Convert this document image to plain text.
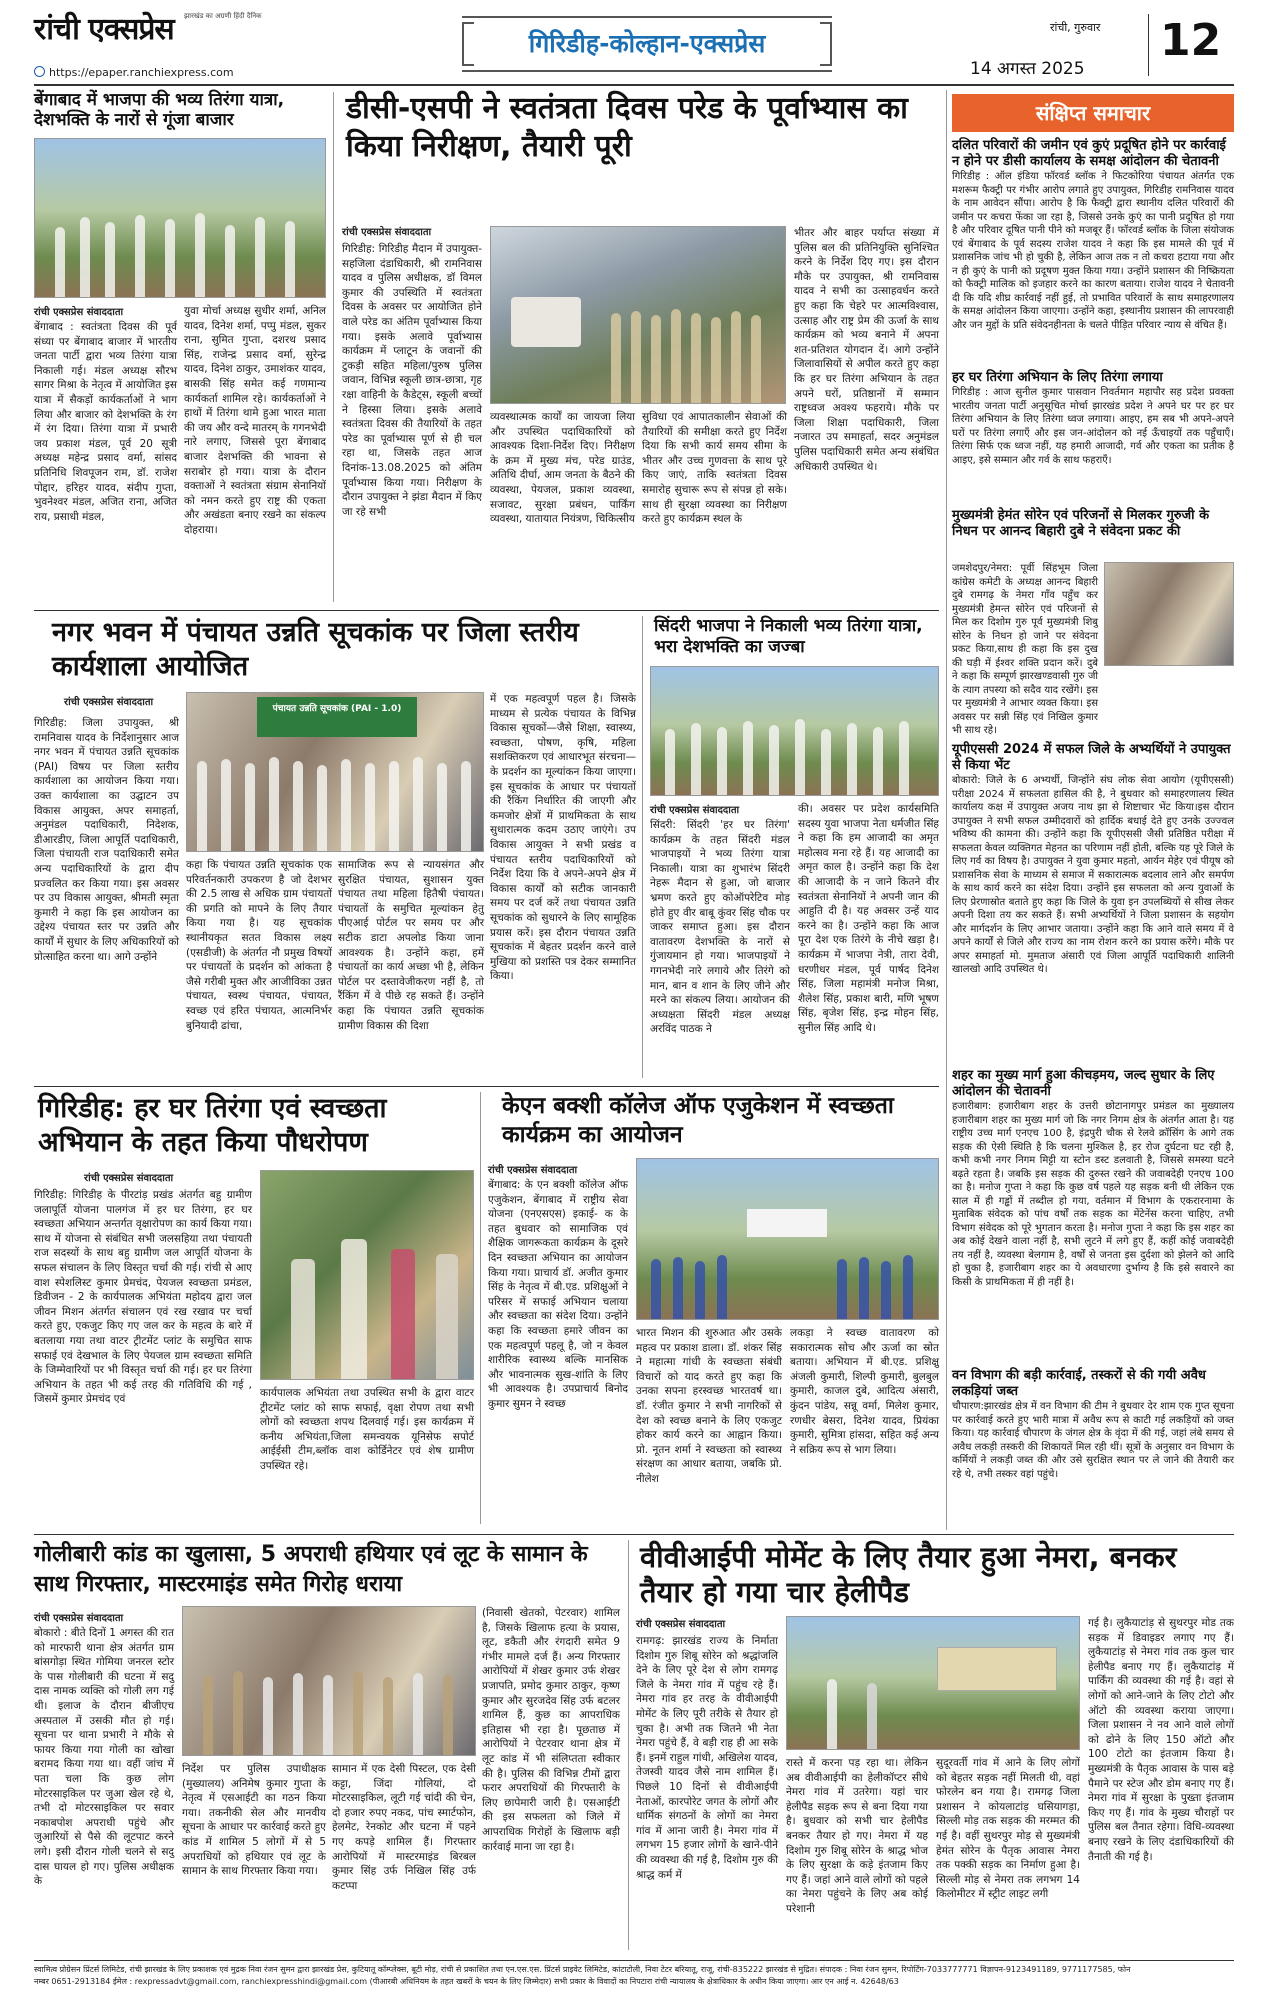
रांची एक्सप्रेस	झारखंड का अग्रणी हिंदी दैनिक
https://epaper.ranchiexpress.com
गिरिडीह-कोल्हान-एक्सप्रेस
रांची, गुरुवार
14 अगस्त 2025
12
बेंगाबाद में भाजपा की भव्य तिरंगा यात्रा, देशभक्ति के नारों से गूंजा बाजार
रांची एक्सप्रेस संवाददाता
बेंगाबाद : स्वतंत्रता दिवस की पूर्व संध्या पर बेंगाबाद बाजार में भारतीय जनता पार्टी द्वारा भव्य तिरंगा यात्रा निकाली गई। मंडल अध्यक्ष सौरभ सागर मिश्रा के नेतृत्व में आयोजित इस यात्रा में सैकड़ों कार्यकर्ताओं ने भाग लिया और बाजार को देशभक्ति के रंग में रंग दिया। तिरंगा यात्रा में प्रभारी जय प्रकाश मंडल, पूर्व 20 सूत्री अध्यक्ष महेन्द्र प्रसाद वर्मा, सांसद प्रतिनिधि शिवपूजन राम, डॉ. राजेश पोद्दार, हरिहर यादव, संदीप गुप्ता, भुवनेश्वर मंडल, अजित राना, अजित राय, प्रसाधी मंडल,
युवा मोर्चा अध्यक्ष सुधीर शर्मा, अनिल यादव, दिनेश शर्मा, पप्पु मंडल, सुकर राना, सुमित गुप्ता, दशरथ प्रसाद सिंह, राजेन्द्र प्रसाद वर्मा, सुरेन्द्र यादव, दिनेश ठाकुर, उमाशंकर यादव, बासकी सिंह समेत कई गणमान्य कार्यकर्ता शामिल रहे। कार्यकर्ताओं ने हाथों में तिरंगा थामे हुआ भारत माता की जय और वन्दे मातरम् के गगनभेदी नारे लगाए, जिससे पूरा बेंगाबाद बाजार देशभक्ति की भावना से सराबोर हो गया। यात्रा के दौरान वक्ताओं ने स्वतंत्रता संग्राम सेनानियों को नमन करते हुए राष्ट्र की एकता और अखंडता बनाए रखने का संकल्प दोहराया।
डीसी-एसपी ने स्वतंत्रता दिवस परेड के पूर्वाभ्यास का किया निरीक्षण, तैयारी पूरी
रांची एक्सप्रेस संवाददाता
गिरिडीह: गिरिडीह मैदान में उपायुक्त-सहजिला दंडाधिकारी, श्री रामनिवास यादव व पुलिस अधीक्षक, डॉ विमल कुमार की उपस्थिति में स्वतंत्रता दिवस के अवसर पर आयोजित होने वाले परेड का अंतिम पूर्वाभ्यास किया गया। इसके अलावे पूर्वाभ्यास कार्यक्रम में प्लाटून के जवानों की टुकड़ी सहित महिला/पुरुष पुलिस जवान, विभिन्न स्कूली छात्र-छात्रा, गृह रक्षा वाहिनी के कैडेट्स, स्कूली बच्चों ने हिस्सा लिया। इसके अलावे स्वतंत्रता दिवस की तैयारियों के तहत परेड का पूर्वाभ्यास पूर्ण से ही चल रहा था, जिसके तहत आज दिनांक-13.08.2025 को अंतिम पूर्वाभ्यास किया गया। निरीक्षण के दौरान उपायुक्त ने झंडा मैदान में किए जा रहे सभी
व्यवस्थात्मक कार्यों का जायजा लिया और उपस्थित पदाधिकारियों को आवश्यक दिशा-निर्देश दिए। निरीक्षण के क्रम में मुख्य मंच, परेड ग्राउंड, अतिथि दीर्घा, आम जनता के बैठने की व्यवस्था, पेयजल, प्रकाश व्यवस्था, सजावट, सुरक्षा प्रबंधन, पार्किंग व्यवस्था, यातायात नियंत्रण, चिकित्सीय
सुविधा एवं आपातकालीन सेवाओं की तैयारियों की समीक्षा करते हुए निर्देश दिया कि सभी कार्य समय सीमा के भीतर और उच्च गुणवत्ता के साथ पूरे किए जाएं, ताकि स्वतंत्रता दिवस समारोह सुचारू रूप से संपन्न हो सके। साथ ही सुरक्षा व्यवस्था का निरीक्षण करते हुए कार्यक्रम स्थल के
भीतर और बाहर पर्याप्त संख्या में पुलिस बल की प्रतिनियुक्ति सुनिश्चित करने के निर्देश दिए गए। इस दौरान मौके पर उपायुक्त, श्री रामनिवास यादव ने सभी का उत्साहवर्धन करते हुए कहा कि चेहरे पर आत्मविश्वास, उत्साह और राष्ट्र प्रेम की ऊर्जा के साथ कार्यक्रम को भव्य बनाने में अपना शत-प्रतिशत योगदान दें। आगे उन्होंने जिलावासियों से अपील करते हुए कहा कि हर घर तिरंगा अभियान के तहत अपने घरों, प्रतिष्ठानों में सम्मान राष्ट्रध्वज अवश्य फहराये। मौके पर जिला शिक्षा पदाधिकारी, जिला नजारत उप समाहर्ता, सदर अनुमंडल पुलिस पदाधिकारी समेत अन्य संबंधित अधिकारी उपस्थित थे।
नगर भवन में पंचायत उन्नति सूचकांक पर जिला स्तरीय कार्यशाला आयोजित
रांची एक्सप्रेस संवाददाता
गिरिडीह: जिला उपायुक्त, श्री रामनिवास यादव के निर्देशानुसार आज नगर भवन में पंचायत उन्नति सूचकांक (PAI) विषय पर जिला स्तरीय कार्यशाला का आयोजन किया गया। उक्त कार्यशाला का उद्घाटन उप विकास आयुक्त, अपर समाहर्ता, अनुमंडल पदाधिकारी, निदेशक, डीआरडीए, जिला आपूर्ति पदाधिकारी, जिला पंचायती राज पदाधिकारी समेत अन्य पदाधिकारियों के द्वारा दीप प्रज्वलित कर किया गया। इस अवसर पर उप विकास आयुक्त, श्रीमती स्मृता कुमारी ने कहा कि इस आयोजन का उद्देश्य पंचायत स्तर पर उन्नति और कार्यों में सुधार के लिए अधिकारियों को प्रोत्साहित करना था। आगे उन्होंने
पंचायत उन्नति सूचकांक (PAI - 1.0)
कहा कि पंचायत उन्नति सूचकांक एक परिवर्तनकारी उपकरण है जो देशभर की 2.5 लाख से अधिक ग्राम पंचायतों की प्रगति को मापने के लिए तैयार किया गया है। यह सूचकांक स्थानीयकृत सतत विकास लक्ष्य (एसडीजी) के अंतर्गत नौ प्रमुख विषयों पर पंचायतों के प्रदर्शन को आंकता है जैसे गरीबी मुक्त और आजीविका उन्नत पंचायत, स्वस्थ पंचायत, पंचायत, स्वच्छ एवं हरित पंचायत, आत्मनिर्भर बुनियादी ढांचा,
सामाजिक रूप से न्यायसंगत और सुरक्षित पंचायत, सुशासन युक्त पंचायत तथा महिला हितैषी पंचायत। पंचायतों के समुचित मूल्यांकन हेतु पीएआई पोर्टल पर समय पर और सटीक डाटा अपलोड किया जाना आवश्यक है। उन्होंने कहा, हमें पंचायतों का कार्य अच्छा भी है, लेकिन पोर्टल पर दस्तावेजीकरण नहीं है, तो रैंकिंग में वे पीछे रह सकते हैं। उन्होंने कहा कि पंचायत उन्नति सूचकांक ग्रामीण विकास की दिशा
में एक महत्वपूर्ण पहल है। जिसके माध्यम से प्रत्येक पंचायत के विभिन्न विकास सूचकों—जैसे शिक्षा, स्वास्थ्य, स्वच्छता, पोषण, कृषि, महिला सशक्तिकरण एवं आधारभूत संरचना—के प्रदर्शन का मूल्यांकन किया जाएगा। इस सूचकांक के आधार पर पंचायतों की रैंकिंग निर्धारित की जाएगी और कमजोर क्षेत्रों में प्राथमिकता के साथ सुधारात्मक कदम उठाए जाएंगे। उप विकास आयुक्त ने सभी प्रखंड व पंचायत स्तरीय पदाधिकारियों को निर्देश दिया कि वे अपने-अपने क्षेत्र में विकास कार्यों को सटीक जानकारी समय पर दर्ज करें तथा पंचायत उन्नति सूचकांक को सुधारने के लिए सामूहिक प्रयास करें। इस दौरान पंचायत उन्नति सूचकांक में बेहतर प्रदर्शन करने वाले मुखिया को प्रशस्ति पत्र देकर सम्मानित किया।
सिंदरी भाजपा ने निकाली भव्य तिरंगा यात्रा, भरा देशभक्ति का जज्बा
रांची एक्सप्रेस संवाददाता
सिंदरी: सिंदरी 'हर घर तिरंगा' कार्यक्रम के तहत सिंदरी मंडल भाजपाइयों ने भव्य तिरंगा यात्रा निकाली। यात्रा का शुभारंभ सिंदरी नेहरू मैदान से हुआ, जो बाजार भ्रमण करते हुए कोऑपरेटिव मोड़ होते हुए वीर बाबू कुंवर सिंह चौक पर जाकर समाप्त हुआ। इस दौरान वातावरण देशभक्ति के नारों से गुंजायमान हो गया। भाजपाइयों ने गगनभेदी नारे लगाये और तिरंगे को मान, बान व शान के लिए जीने और मरने का संकल्प लिया। आयोजन की अध्यक्षता सिंदरी मंडल अध्यक्ष अरविंद पाठक ने
की। अवसर पर प्रदेश कार्यसमिति सदस्य युवा भाजपा नेता धर्मजीत सिंह ने कहा कि हम आजादी का अमृत महोत्सव मना रहे हैं। यह आजादी का अमृत काल है। उन्होंने कहा कि देश की आजादी के न जाने कितने वीर स्वतंत्रता सेनानियों ने अपनी जान की आहुति दी है। यह अवसर उन्हें याद करने का है। उन्होंने कहा कि आज पूरा देश एक तिरंगे के नीचे खड़ा है। कार्यक्रम में भाजपा नेत्री, तारा देवी, धरणीधर मंडल, पूर्व पार्षद दिनेश सिंह, जिला महामंत्री मनोज मिश्रा, शैलेश सिंह, प्रकाश बारी, मणि भूषण सिंह, बृजेश सिंह, इन्द्र मोहन सिंह, सुनील सिंह आदि थे।
गिरिडीह: हर घर तिरंगा एवं स्वच्छता अभियान के तहत किया पौधरोपण
रांची एक्सप्रेस संवाददाता
गिरिडीह: गिरिडीह के पीरटांड़ प्रखंड अंतर्गत बहु ग्रामीण जलापूर्ति योजना पालगंज में हर घर तिरंगा, हर घर स्वच्छता अभियान अन्तर्गत वृक्षारोपण का कार्य किया गया। साथ में योजना से संबंधित सभी जलसहिया तथा पंचायती राज सदस्यों के साथ बहु ग्रामीण जल आपूर्ति योजना के सफल संचालन के लिए विस्तृत चर्चा की गई। रांची से आए वाश स्पेशलिस्ट कुमार प्रेमचंद, पेयजल स्वच्छता प्रमंडल, डिवीजन - 2 के कार्यपालक अभियंता महोदय द्वारा जल जीवन मिशन अंतर्गत संचालन एवं रख रखाव पर चर्चा करते हुए, एकजुट किए गए जल कर के महत्व के बारे में बतलाया गया तथा वाटर ट्रीटमेंट प्लांट के समुचित साफ सफाई एवं देखभाल के लिए पेयजल ग्राम स्वच्छता समिति के जिम्मेवारियों पर भी विस्तृत चर्चा की गई। हर घर तिरंगा अभियान के तहत भी कई तरह की गतिविधि की गई , जिसमें कुमार प्रेमचंद एवं
कार्यपालक अभियंता तथा उपस्थित सभी के द्वारा वाटर ट्रीटमेंट प्लांट को साफ सफाई, वृक्षा रोपण तथा सभी लोगों को स्वच्छता शपथ दिलवाई गई। इस कार्यक्रम में कनीय अभियंता,जिला समन्वयक यूनिसेफ सपोर्ट आईईसी टीम,ब्लॉक वाश कोर्डिनेटर एवं शेष ग्रामीण उपस्थित रहे।
केएन बक्शी कॉलेज ऑफ एजुकेशन में स्वच्छता कार्यक्रम का आयोजन
रांची एक्सप्रेस संवाददाता
बेंगाबाद: के एन बक्शी कॉलेज ऑफ एजुकेशन, बेंगाबाद में राष्ट्रीय सेवा योजना (एनएसएस) इकाई- क के तहत बुधवार को सामाजिक एवं शैक्षिक जागरूकता कार्यक्रम के दूसरे दिन स्वच्छता अभियान का आयोजन किया गया। प्राचार्य डॉ. अजीत कुमार सिंह के नेतृत्व में बी.एड. प्रशिक्षुओं ने परिसर में सफाई अभियान चलाया और स्वच्छता का संदेश दिया। उन्होंने कहा कि स्वच्छता हमारे जीवन का एक महत्वपूर्ण पहलू है, जो न केवल शारीरिक स्वास्थ्य बल्कि मानसिक और भावनात्मक सुख-शांति के लिए भी आवश्यक है। उपप्राचार्य बिनोद कुमार सुमन ने स्वच्छ
भारत मिशन की शुरुआत और उसके महत्व पर प्रकाश डाला। डॉ. शंकर सिंह ने महात्मा गांधी के स्वच्छता संबंधी विचारों को याद करते हुए कहा कि उनका सपना हरस्वच्छ भारतवर्ष था। डॉ. रंजीत कुमार ने सभी नागरिकों से देश को स्वच्छ बनाने के लिए एकजुट होकर कार्य करने का आह्वान किया। प्रो. नूतन शर्मा ने स्वच्छता को स्वास्थ्य संरक्षण का आधार बताया, जबकि प्रो. नीलेश
लकड़ा ने स्वच्छ वातावरण को सकारात्मक सोच और ऊर्जा का स्रोत बताया। अभियान में बी.एड. प्रशिक्षु अंजली कुमारी, शिल्पी कुमारी, बुलबुल कुमारी, काजल दुबे, आदित्य अंसारी, कुंदन पांडेय, सन्नू वर्मा, मिलेश कुमार, रणधीर बेसरा, दिनेश यादव, प्रियंका कुमारी, सुमित्रा हांसदा, सहित कई अन्य ने सक्रिय रूप से भाग लिया।
गोलीबारी कांड का खुलासा, 5 अपराधी हथियार एवं लूट के सामान के साथ गिरफ्तार, मास्टरमाइंड समेत गिरोह धराया
रांची एक्सप्रेस संवाददाता
बोकारो : बीते दिनों 1 अगस्त की रात को मारफारी थाना क्षेत्र अंतर्गत ग्राम बांसगोड़ा स्थित गोमिया जनरल स्टोर के पास गोलीबारी की घटना में सदु दास नामक व्यक्ति को गोली लग गई थी। इलाज के दौरान बीजीएच अस्पताल में उसकी मौत हो गई। सूचना पर थाना प्रभारी ने मौके से फायर किया गया गोली का खोखा बरामद किया गया था। वहीं जांच में पता चला कि कुछ लोग मोटरसाइकिल पर जुआ खेल रहे थे, तभी दो मोटरसाइकिल पर सवार नकाबपोश अपराधी पहुंचे और जुआरियों से पैसे की लूटपाट करने लगे। इसी दौरान गोली चलने से सदु दास घायल हो गए। पुलिस अधीक्षक के
निर्देश पर पुलिस उपाधीक्षक (मुख्यालय) अनिमेष कुमार गुप्ता के नेतृत्व में एसआईटी का गठन किया गया। तकनीकी सेल और मानवीय सूचना के आधार पर कार्रवाई करते हुए कांड में शामिल 5 लोगों में से 5 अपराधियों को हथियार एवं लूट के सामान के साथ गिरफ्तार किया गया।
सामान में एक देसी पिस्टल, एक देसी कट्टा, जिंदा गोलियां, दो मोटरसाइकिल, लूटी गई चांदी की चेन, दो हजार रुपए नकद, पांच स्मार्टफोन, हेलमेट, रेनकोट और घटना में पहने गए कपड़े शामिल हैं। गिरफ्तार आरोपियों में मास्टरमाइंड बिरबल कुमार सिंह उर्फ निखिल सिंह उर्फ कटप्पा
(निवासी खेतको, पेटरवार) शामिल है, जिसके खिलाफ हत्या के प्रयास, लूट, डकैती और रंगदारी समेत 9 गंभीर मामले दर्ज हैं। अन्य गिरफ्तार आरोपियों में शेखर कुमार उर्फ शेखर प्रजापति, प्रमोद कुमार ठाकुर, कृष्ण कुमार और सुरजदेव सिंह उर्फ बटलर शामिल हैं, कुछ का आपराधिक इतिहास भी रहा है। पूछताछ में आरोपियों ने पेटरवार थाना क्षेत्र में लूट कांड में भी संलिप्तता स्वीकार की है। पुलिस की विभिन्न टीमों द्वारा फरार अपराधियों की गिरफ्तारी के लिए छापेमारी जारी है। एसआईटी की इस सफलता को जिले में आपराधिक गिरोहों के खिलाफ बड़ी कार्रवाई माना जा रहा है।
वीवीआईपी मोमेंट के लिए तैयार हुआ नेमरा, बनकर तैयार हो गया चार हेलीपैड
रांची एक्सप्रेस संवाददाता
रामगढ़: झारखंड राज्य के निर्माता दिशोम गुरु शिबू सोरेन को श्रद्धांजलि देने के लिए पूरे देश से लोग रामगढ़ जिले के नेमरा गांव में पहुंच रहे हैं। नेमरा गांव हर तरह के वीवीआईपी मोमेंट के लिए पूरी तरीके से तैयार हो चुका है। अभी तक जितने भी नेता नेमरा पहुंचे हैं, वे बड़ी राह ही आ सके हैं। इनमें राहुल गांधी, अखिलेश यादव, तेजस्वी यादव जैसे नाम शामिल हैं। पिछले 10 दिनों से वीवीआईपी नेताओं, कारपोरेट जगत के लोगों और धार्मिक संगठनों के लोगों का नेमरा गांव में आना जारी है। नेमरा गांव में लगभग 15 हजार लोगों के खाने-पीने की व्यवस्था की गई है, दिशोम गुरु की श्राद्ध कर्म में
रास्ते में करना पड़ रहा था। लेकिन अब वीवीआईपी का हेलीकॉप्टर सीधे नेमरा गांव में उतरेगा। यहां चार हेलीपैड सड़क रूप से बना दिया गया है। बुधवार को सभी चार हेलीपैड बनकर तैयार हो गए। नेमरा में यह दिशोम गुरु शिबू सोरेन के श्राद्ध भोज के लिए सुरक्षा के कड़े इंतजाम किए गए हैं। जहां आने वाले लोगों को पहले का नेमरा पहुंचने के लिए अब कोई परेशानी
सुदूरवर्ती गांव में आने के लिए लोगों को बेहतर सड़क नहीं मिलती थी, वहां फोरलेन बन गया है। रामगढ़ जिला प्रशासन ने कोयलाटांड़ घसियागड़ा, सिल्ली मोड़ तक सड़क की मरम्मत की गई है। वहीं सुथरपुर मोड़ से मुख्यमंत्री हेमंत सोरेन के पैतृक आवास नेमरा तक पक्की सड़क का निर्माण हुआ है। सिल्ली मोड़ से नेमरा तक लगभग 14 किलोमीटर में स्ट्रीट लाइट लगी
गई है। लुकैयाटांड़ से सुथरपुर मोड तक सड़क में डिवाइडर लगाए गए हैं। लुकैयाटांड़ से नेमरा गांव तक कुल चार हेलीपैड बनाए गए हैं। लुकैयाटांड़ में पार्किंग की व्यवस्था की गई है। वहां से लोगों को आने-जाने के लिए टोटो और ऑटो की व्यवस्था कराया जाएगा। जिला प्रशासन ने नव आने वाले लोगों को ढोने के लिए 150 ऑटो और 100 टोटो का इंतजाम किया है। मुख्यमंत्री के पैतृक आवास के पास बड़े पैमाने पर स्टेज और डोम बनाए गए हैं। नेमरा गांव में सुरक्षा के पुख्ता इंतजाम किए गए हैं। गांव के मुख्य चौराहों पर पुलिस बल तैनात रहेगा। विधि-व्यवस्था बनाए रखने के लिए दंडाधिकारियों की तैनाती की गई है।
संक्षिप्त समाचार
दलित परिवारों की जमीन एवं कुएं प्रदूषित होने पर कार्रवाई न होने पर डीसी कार्यालय के समक्ष आंदोलन की चेतावनी
गिरिडीह : ऑल इंडिया फॉरवर्ड ब्लॉक ने फिटकोरिया पंचायत अंतर्गत एक मशरूम फैक्ट्री पर गंभीर आरोप लगाते हुए उपायुक्त, गिरिडीह रामनिवास यादव के नाम आवेदन सौंपा। आरोप है कि फैक्ट्री द्वारा स्थानीय दलित परिवारों की जमीन पर कचरा फेंका जा रहा है, जिससे उनके कुएं का पानी प्रदूषित हो गया है और परिवार दूषित पानी पीने को मजबूर हैं। फॉरवर्ड ब्लॉक के जिला संयोजक एवं बेंगाबाद के पूर्व सदस्य राजेश यादव ने कहा कि इस मामले की पूर्व में प्रशासनिक जांच भी हो चुकी है, लेकिन आज तक न तो कचरा हटाया गया और न ही कुएं के पानी को प्रदूषण मुक्त किया गया। उन्होंने प्रशासन की निष्क्रियता को फैक्ट्री मालिक को इजहार करने का कारण बताया। राजेश यादव ने चेतावनी दी कि यदि शीघ्र कार्रवाई नहीं हुई, तो प्रभावित परिवारों के साथ समाहरणालय के समक्ष आंदोलन किया जाएगा। उन्होंने कहा, इस्थानीय प्रशासन की लापरवाही और जन मुद्दों के प्रति संवेदनहीनता के चलते पीड़ित परिवार न्याय से वंचित हैं।
हर घर तिरंगा अभियान के लिए तिरंगा लगाया
गिरिडीह : आज सुनील कुमार पासवान निवर्तमान महापौर सह प्रदेश प्रवक्ता भारतीय जनता पार्टी अनुसूचित मोर्चा झारखंड प्रदेश ने अपने घर पर हर घर तिरंगा अभियान के लिए तिरंगा ध्वज लगाया। आइए, हम सब भी अपने-अपने घरों पर तिरंगा लगाएँ और इस जन-आंदोलन को नई ऊँचाइयों तक पहुँचाएँ।तिरंगा सिर्फ एक ध्वज नहीं, यह हमारी आजादी, गर्व और एकता का प्रतीक है आइए, इसे सम्मान और गर्व के साथ फहराएँ।
मुख्यमंत्री हेमंत सोरेन एवं परिजनों से मिलकर गुरुजी के निधन पर आनन्द बिहारी दुबे ने संवेदना प्रकट की
जमशेदपुर/नेमरा: पूर्वी सिंहभूम जिला कांग्रेस कमेटी के अध्यक्ष आनन्द बिहारी दुबे रामगढ़ के नेमरा गाँव पहुँच कर मुख्यमंत्री हेमन्त सोरेन एवं परिजनों से मिल कर दिशोम गुरु पूर्व मुख्यमंत्री शिबु सोरेन के निधन हो जाने पर संवेदना प्रकट किया,साथ ही कहा कि इस दुख की घड़ी में ईश्वर शक्ति प्रदान करें। दुबे ने कहा कि सम्पूर्ण झारखण्डवासी गुरु जी के त्याग तपस्या को सदैव याद रखेंगे। इस पर मुख्यमंत्री ने आभार व्यक्त किया। इस अवसर पर सन्नी सिंह एवं निखिल कुमार भी साथ रहे।
यूपीएससी 2024 में सफल जिले के अभ्यर्थियों ने उपायुक्त से किया भेंट
बोकारो: जिले के 6 अभ्यर्थी, जिन्होंने संघ लोक सेवा आयोग (यूपीएससी) परीक्षा 2024 में सफलता हासिल की है, ने बुधवार को समाहरणालय स्थित कार्यालय कक्ष में उपायुक्त अजय नाथ झा से शिष्टाचार भेंट किया।इस दौरान उपायुक्त ने सभी सफल उम्मीदवारों को हार्दिक बधाई देते हुए उनके उज्ज्वल भविष्य की कामना की। उन्होंने कहा कि यूपीएससी जैसी प्रतिष्ठित परीक्षा में सफलता केवल व्यक्तिगत मेहनत का परिणाम नहीं होती, बल्कि यह पूरे जिले के लिए गर्व का विषय है। उपायुक्त ने युवा कुमार महतो, आर्यन मेहेर एवं पीयूष को प्रशासनिक सेवा के माध्यम से समाज में सकारात्मक बदलाव लाने और समर्पण के साथ कार्य करने का संदेश दिया। उन्होंने इस सफलता को अन्य युवाओं के लिए प्रेरणास्रोत बताते हुए कहा कि जिले के युवा इन उपलब्धियों से सीख लेकर अपनी दिशा तय कर सकते हैं। सभी अभ्यर्थियों ने जिला प्रशासन के सहयोग और मार्गदर्शन के लिए आभार जताया। उन्होंने कहा कि आने वाले समय में वे अपने कार्यों से जिले और राज्य का नाम रोशन करने का प्रयास करेंगे। मौके पर अपर समाहर्ता मो. मुमताज अंसारी एवं जिला आपूर्ति पदाधिकारी शालिनी खालखो आदि उपस्थित थे।
शहर का मुख्य मार्ग हुआ कीचड़मय, जल्द सुधार के लिए आंदोलन की चेतावनी
हजारीबाग: हजारीबाग शहर के उत्तरी छोटानागपुर प्रमंडल का मुख्यालय हजारीबाग शहर का मुख्य मार्ग जो कि नगर निगम क्षेत्र के अंतर्गत आता है। यह राष्ट्रीय उच्च मार्ग एनएच 100 है, इंद्रपुरी चौक से रेलवे क्रॉसिंग के आगे तक सड़क की ऐसी स्थिति है कि चलना मुश्किल है, हर रोज दुर्घटना घट रही है, कभी कभी नगर निगम मिट्टी या स्टोन डस्ट डलवाती है, जिससे समस्या घटने बढ़ते रहता है। जबकि इस सड़क की दुरुस्त रखने की जवाबदेही एनएच 100 का है। मनोज गुप्ता ने कहा कि कुछ वर्ष पहले यह सड़क बनी थी लेकिन एक साल में ही गड्ढों में तब्दील हो गया, वर्तमान में विभाग के एकरारनामा के मुताबिक संवेदक को पांच वर्षों तक सड़क का मेंटेनेंस करना चाहिए, तभी विभाग संवेदक को पूरे भुगतान करता है। मनोज गुप्ता ने कहा कि इस शहर का अब कोई देखने वाला नहीं है, सभी लुटने में लगे हुए हैं, कहीं कोई जवाबदेही तय नहीं है, व्यवस्था बेलगाम है, वर्षों से जनता इस दुर्दशा को झेलने को आदि हो चुका है, हजारीबाग शहर का ये अवधारणा दुर्भाग्य है कि इसे सवारने का किसी के प्राथमिकता में ही नहीं है।
वन विभाग की बड़ी कार्रवाई, तस्करों से की गयी अवैध लकड़ियां जब्त
चौपारण:झारखंड क्षेत्र में वन विभाग की टीम ने बुधवार देर शाम एक गुप्त सूचना पर कार्रवाई करते हुए भारी मात्रा में अवैध रूप से काटी गई लकड़ियों को जब्त किया। यह कार्रवाई चौपारण के जंगल क्षेत्र के वृंदा में की गई, जहां लंबे समय से अवैध लकड़ी तस्करी की शिकायतें मिल रही थीं। सूत्रों के अनुसार वन विभाग के कर्मियों ने लकड़ी जब्त की और उसे सुरक्षित स्थान पर ले जाने की तैयारी कर रहे थे, तभी तस्कर वहां पहुंचे।
स्वामित्व प्रोग्रेसन प्रिंटर्स लिमिटेड, रांची झारखंड के लिए प्रकाशक एवं मुद्रक निवा रंजन सुमन द्वारा झारखंड प्रेस, कुटियातू कॉम्प्लेक्स, बूटी मोड़, रांची से प्रकाशित तथा एन.एस.एस. प्रिंटर्स प्राइवेट लिमिटेड, कांटाटोली, निवा टेटर बरियातू, राजू, रांची-835222 झारखंड से मुद्रित। संपादक : निवा रंजन सुमन, रिपोर्टिंग-7033777771 विज्ञापन-9123491189, 9771177585, फोन
नम्बर 0651-2913184 ईमेल : rexpressadvt@gmail.com, ranchiexpresshindi@gmail.com (पीआरबी अधिनियम के तहत खबरों के चयन के लिए जिम्मेदार) सभी प्रकार के विवादों का निपटारा रांची न्यायालय के क्षेत्राधिकार के अधीन किया जाएगा। आर एन आई न. 42648/63
